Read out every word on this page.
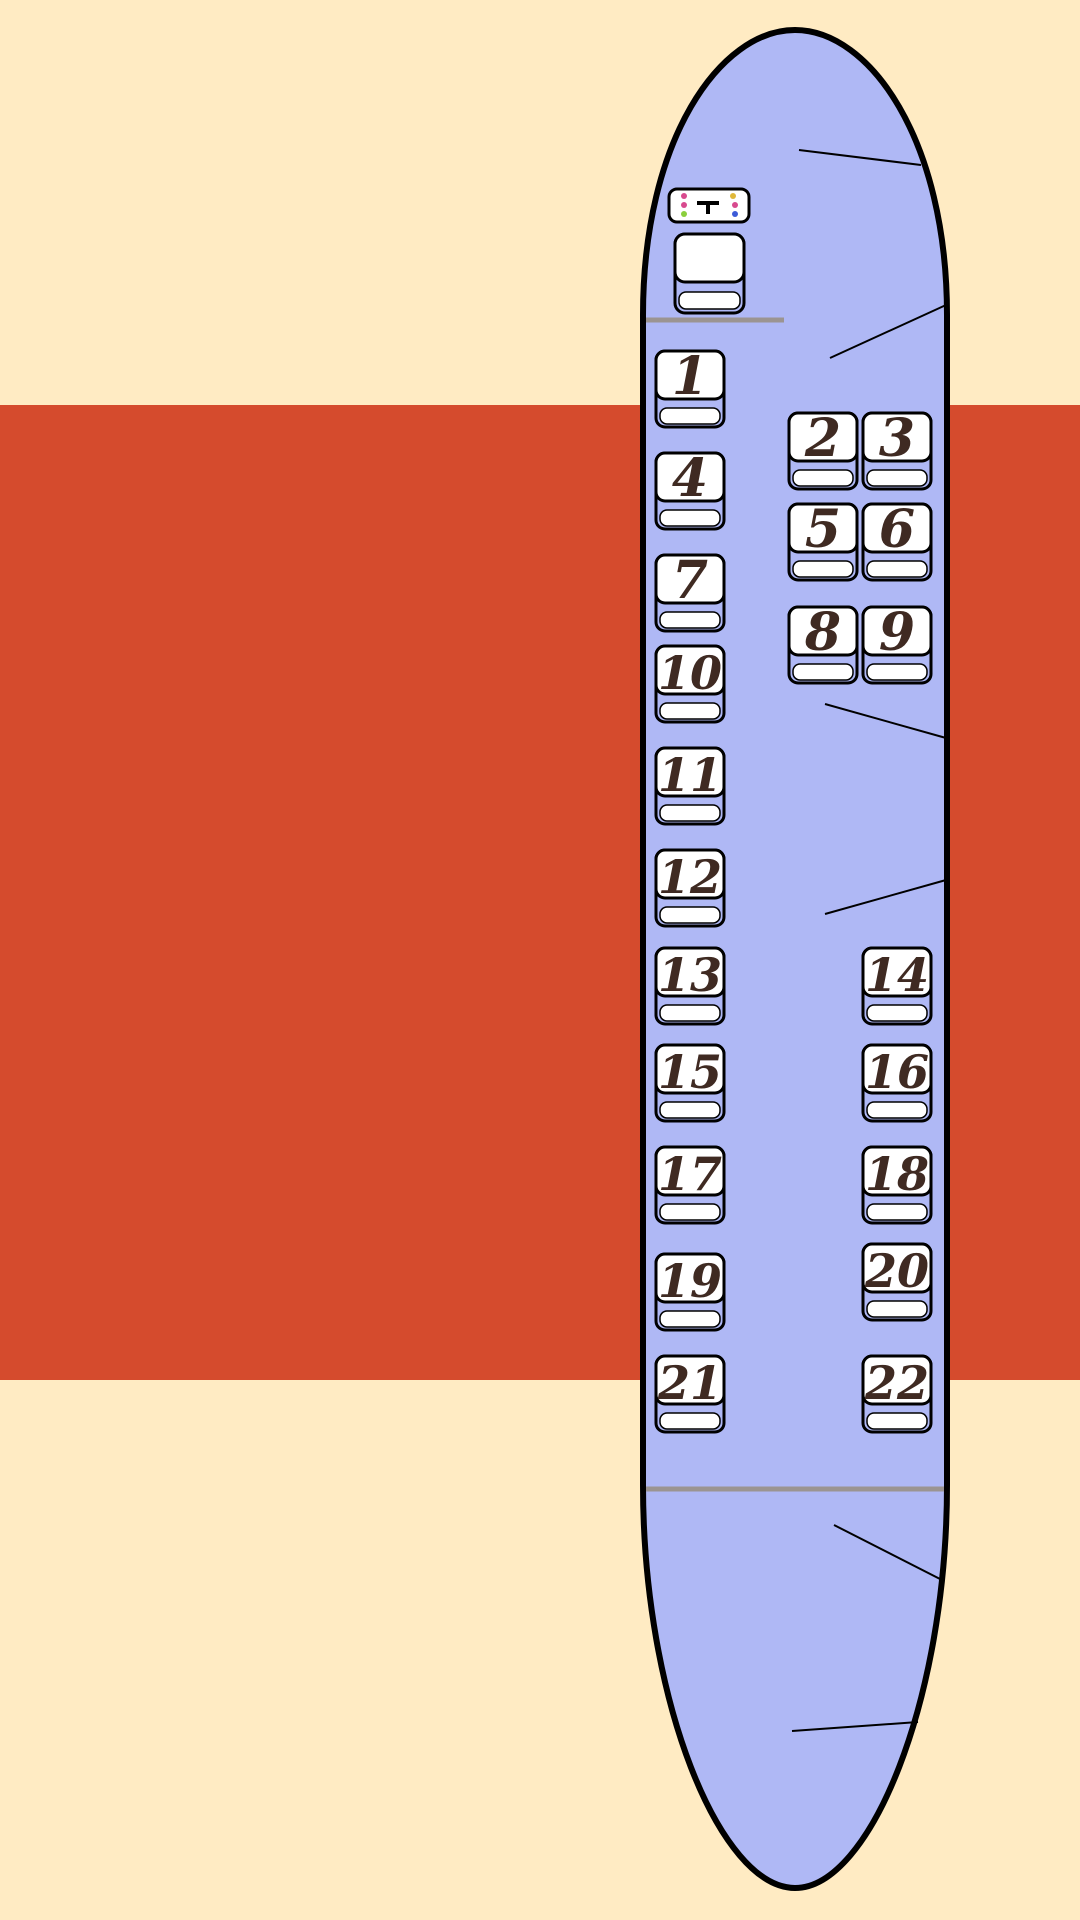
1
2 3
4
5 6
7
8 9
10
11
12
13	14
15	16
17	18
19	20
21	22
